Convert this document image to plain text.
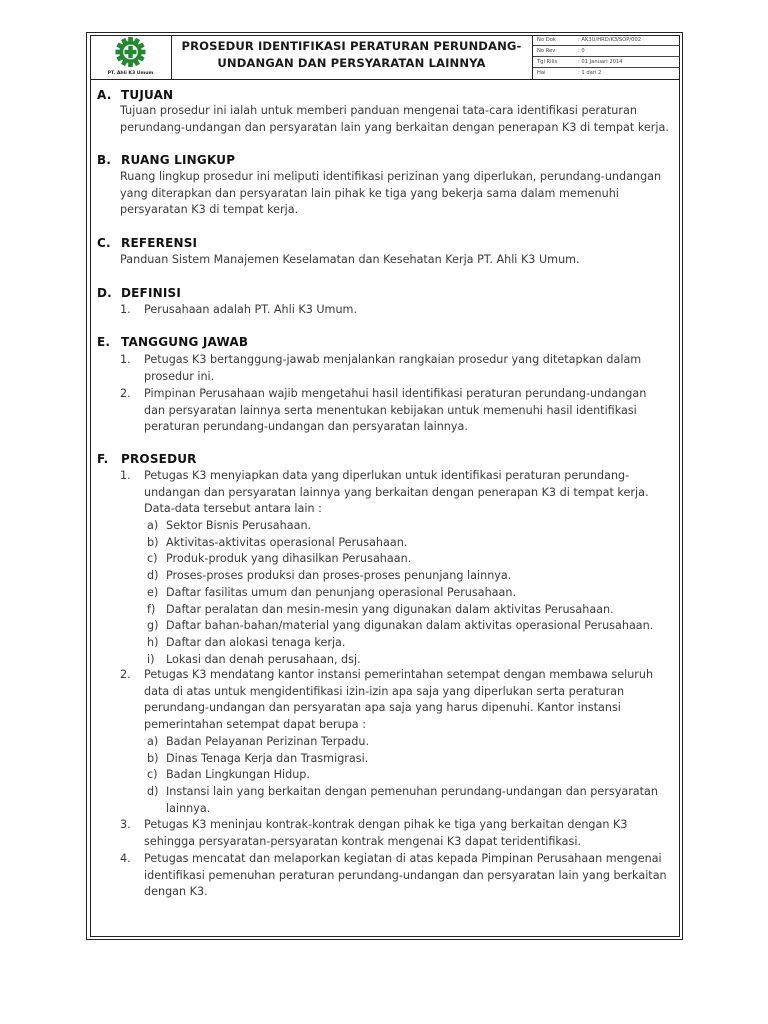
PT. Ahli K3 Umum
PROSEDUR IDENTIFIKASI PERATURAN PERUNDANG-
UNDANGAN DAN PERSYARATAN LAINNYA
No Dok	: AK3U/HRD/K3/SOP/002
No Rev	: 0
Tgl Rilis	: 01 Januari 2014
Hal	: 1 dari 2
A. TUJUAN
Tujuan prosedur ini ialah untuk memberi panduan mengenai tata-cara identifikasi peraturan
perundang-undangan dan persyaratan lain yang berkaitan dengan penerapan K3 di tempat kerja.
B. RUANG LINGKUP
Ruang lingkup prosedur ini meliputi identifikasi perizinan yang diperlukan, perundang-undangan
yang diterapkan dan persyaratan lain pihak ke tiga yang bekerja sama dalam memenuhi
persyaratan K3 di tempat kerja.
C. REFERENSI
Panduan Sistem Manajemen Keselamatan dan Kesehatan Kerja PT. Ahli K3 Umum.
D. DEFINISI
1. Perusahaan adalah PT. Ahli K3 Umum.
E. TANGGUNG JAWAB
1. Petugas K3 bertanggung-jawab menjalankan rangkaian prosedur yang ditetapkan dalam
prosedur ini.
2. Pimpinan Perusahaan wajib mengetahui hasil identifikasi peraturan perundang-undangan
dan persyaratan lainnya serta menentukan kebijakan untuk memenuhi hasil identifikasi
peraturan perundang-undangan dan persyaratan lainnya.
F. PROSEDUR
1. Petugas K3 menyiapkan data yang diperlukan untuk identifikasi peraturan perundang-
undangan dan persyaratan lainnya yang berkaitan dengan penerapan K3 di tempat kerja.
Data-data tersebut antara lain :
a)
b)
c)
d)
e)
f)
g)
h)
i)
Sektor Bisnis Perusahaan.
Aktivitas-aktivitas operasional Perusahaan.
Produk-produk yang dihasilkan Perusahaan.
Proses-proses produksi dan proses-proses penunjang lainnya.
Daftar fasilitas umum dan penunjang operasional Perusahaan.
Daftar peralatan dan mesin-mesin yang digunakan dalam aktivitas Perusahaan.
Daftar bahan-bahan/material yang digunakan dalam aktivitas operasional Perusahaan.
Daftar dan alokasi tenaga kerja.
Lokasi dan denah perusahaan, dsj.
2. Petugas K3 mendatang kantor instansi pemerintahan setempat dengan membawa seluruh
data di atas untuk mengidentifikasi izin-izin apa saja yang diperlukan serta peraturan
perundang-undangan dan persyaratan apa saja yang harus dipenuhi. Kantor instansi
pemerintahan setempat dapat berupa :
a)
b)
c)
d)
Badan Pelayanan Perizinan Terpadu.
Dinas Tenaga Kerja dan Trasmigrasi.
Badan Lingkungan Hidup.
Instansi lain yang berkaitan dengan pemenuhan perundang-undangan dan persyaratan
lainnya.
3. Petugas K3 meninjau kontrak-kontrak dengan pihak ke tiga yang berkaitan dengan K3
sehingga persyaratan-persyaratan kontrak mengenai K3 dapat teridentifikasi.
4. Petugas mencatat dan melaporkan kegiatan di atas kepada Pimpinan Perusahaan mengenai
identifikasi pemenuhan peraturan perundang-undangan dan persyaratan lain yang berkaitan
dengan K3.
